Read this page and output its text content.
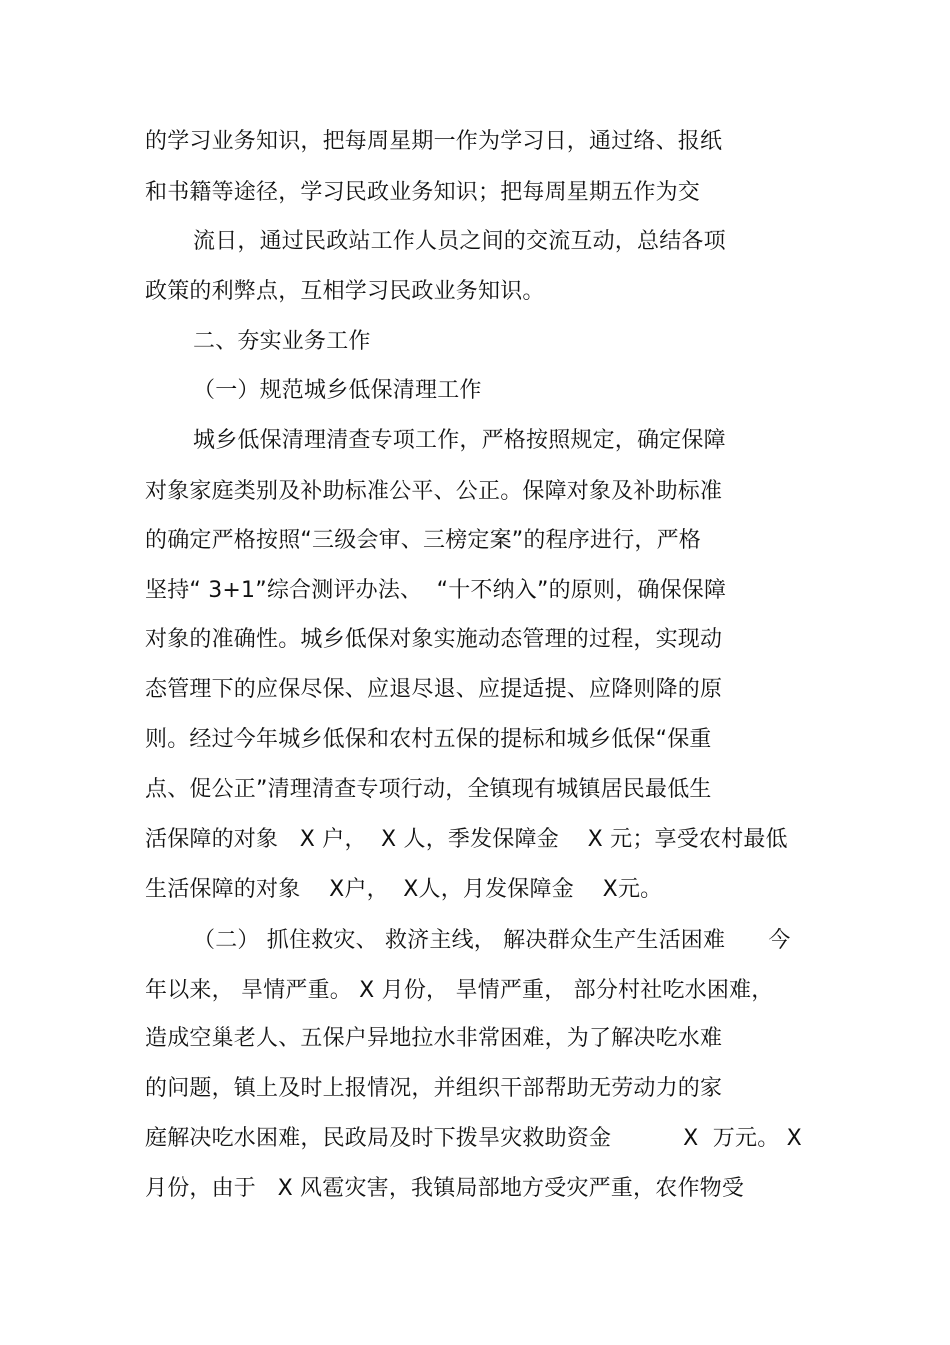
的学习业务知识，把每周星期一作为学习日，通过络、报纸
和书籍等途径，学习民政业务知识；把每周星期五作为交
流日，通过民政站工作人员之间的交流互动，总结各项
政策的利弊点，互相学习民政业务知识。
二、夯实业务工作
（一）规范城乡低保清理工作
城乡低保清理清查专项工作，严格按照规定，确定保障
对象家庭类别及补助标准公平、公正。保障对象及补助标准
的确定严格按照“三级会审、三榜定案”的程序进行，严格
坚持“ 3+1”综合测评办法、  “十不纳入”的原则，确保保障
对象的准确性。城乡低保对象实施动态管理的过程，实现动
态管理下的应保尽保、应退尽退、应提适提、应降则降的原
则。经过今年城乡低保和农村五保的提标和城乡低保“保重
点、促公正”清理清查专项行动，全镇现有城镇居民最低生
活保障的对象   X 户，  X 人，季发保障金    X 元；享受农村最低
生活保障的对象    X户，  X人，月发保障金    X元。
（二） 抓住救灾、 救济主线， 解决群众生产生活困难      今
年以来， 旱情严重。 X 月份， 旱情严重， 部分村社吃水困难，
造成空巢老人、五保户异地拉水非常困难，为了解决吃水难
的问题，镇上及时上报情况，并组织干部帮助无劳动力的家
庭解决吃水困难，民政局及时下拨旱灾救助资金          X  万元。 X
月份，由于   X 风雹灾害，我镇局部地方受灾严重，农作物受
